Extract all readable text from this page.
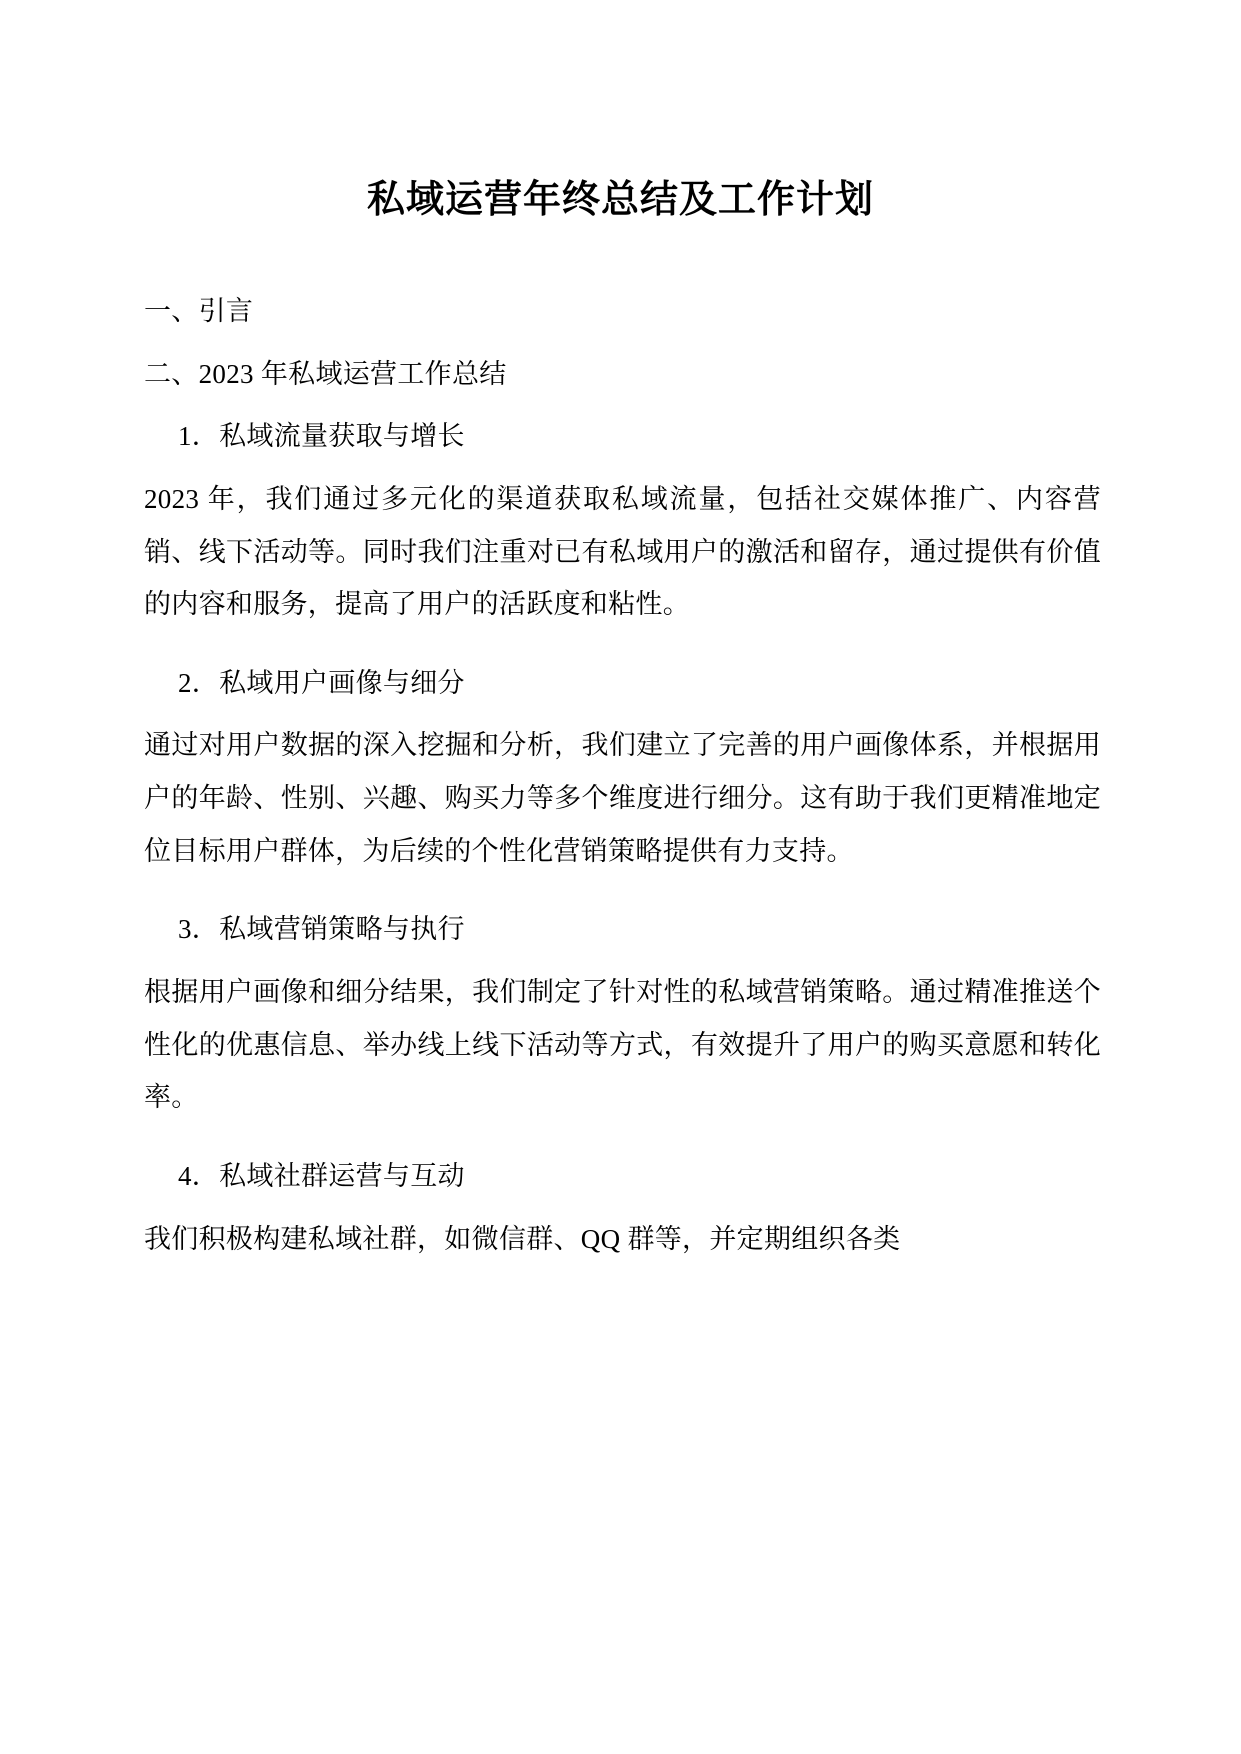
私域运营年终总结及工作计划

一、引言

二、2023 年私域运营工作总结

1．私域流量获取与增长

2023 年，我们通过多元化的渠道获取私域流量，包括社交媒体推广、内容营销、线下活动等。同时我们注重对已有私域用户的激活和留存，通过提供有价值的内容和服务，提高了用户的活跃度和粘性。

2．私域用户画像与细分

通过对用户数据的深入挖掘和分析，我们建立了完善的用户画像体系，并根据用户的年龄、性别、兴趣、购买力等多个维度进行细分。这有助于我们更精准地定位目标用户群体，为后续的个性化营销策略提供有力支持。

3．私域营销策略与执行

根据用户画像和细分结果，我们制定了针对性的私域营销策略。通过精准推送个性化的优惠信息、举办线上线下活动等方式，有效提升了用户的购买意愿和转化率。

4．私域社群运营与互动

我们积极构建私域社群，如微信群、QQ 群等，并定期组织各类
